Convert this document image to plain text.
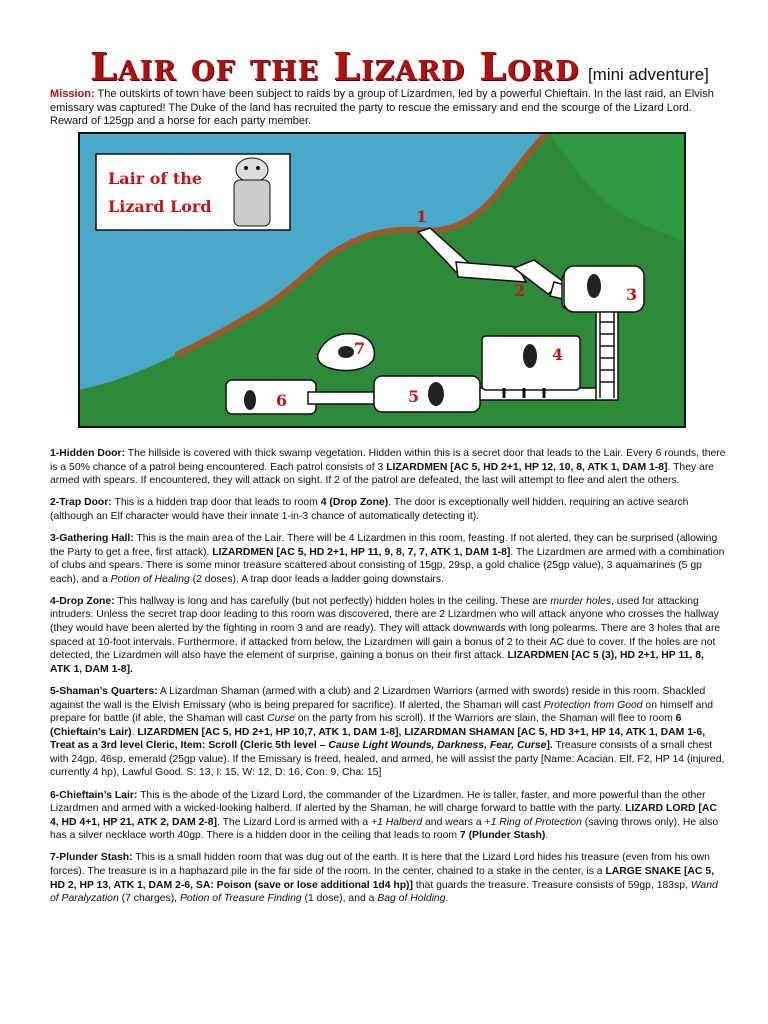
Lair of the Lizard Lord [mini adventure]
Mission: The outskirts of town have been subject to raids by a group of Lizardmen, led by a powerful Chieftain. In the last raid, an Elvish emissary was captured! The Duke of the land has recruited the party to rescue the emissary and end the scourge of the Lizard Lord. Reward of 125gp and a horse for each party member.
1
2	3
4
5
6
7
Lair of the
Lizard Lord

1-Hidden Door: The hillside is covered with thick swamp vegetation. Hidden within this is a secret door that leads to the Lair. Every 6 rounds, there is a 50% chance of a patrol being encountered. Each patrol consists of 3 LIZARDMEN [AC 5, HD 2+1, HP 12, 10, 8, ATK 1, DAM 1-8]. They are armed with spears. If encountered, they will attack on sight. If 2 of the patrol are defeated, the last will attempt to flee and alert the others.

2-Trap Door: This is a hidden trap door that leads to room 4 (Drop Zone). The door is exceptionally well hidden, requiring an active search (although an Elf character would have their innate 1-in-3 chance of automatically detecting it).

3-Gathering Hall: This is the main area of the Lair. There will be 4 Lizardmen in this room, feasting. If not alerted, they can be surprised (allowing the Party to get a free, first attack). LIZARDMEN [AC 5, HD 2+1, HP 11, 9, 8, 7, 7, ATK 1, DAM 1-8]. The Lizardmen are armed with a combination of clubs and spears. There is some minor treasure scattered about consisting of 15gp, 29sp, a gold chalice (25gp value), 3 aquamarines (5 gp each), and a Potion of Healing (2 doses). A trap door leads a ladder going downstairs.

4-Drop Zone: This hallway is long and has carefully (but not perfectly) hidden holes in the ceiling. These are murder holes, used for attacking intruders. Unless the secret trap door leading to this room was discovered, there are 2 Lizardmen who will attack anyone who crosses the hallway (they would have been alerted by the fighting in room 3 and are ready). They will attack downwards with long polearms. There are 3 holes that are spaced at 10-foot intervals. Furthermore, if attacked from below, the Lizardmen will gain a bonus of 2 to their AC due to cover. If the holes are not detected, the Lizardmen will also have the element of surprise, gaining a bonus on their first attack. LIZARDMEN [AC 5 (3), HD 2+1, HP 11, 8, ATK 1, DAM 1-8].

5-Shaman’s Quarters: A Lizardman Shaman (armed with a club) and 2 Lizardmen Warriors (armed with swords) reside in this room. Shackled against the wall is the Elvish Emissary (who is being prepared for sacrifice). If alerted, the Shaman will cast Protection from Good on himself and prepare for battle (if able, the Shaman will cast Curse on the party from his scroll). If the Warriors are slain, the Shaman will flee to room 6 (Chieftain’s Lair). LIZARDMEN [AC 5, HD 2+1, HP 10,7, ATK 1, DAM 1-8], LIZARDMAN SHAMAN [AC 5, HD 3+1, HP 14, ATK 1, DAM 1-6, Treat as a 3rd level Cleric, Item: Scroll (Cleric 5th level – Cause Light Wounds, Darkness, Fear, Curse]. Treasure consists of a small chest with 24gp, 46sp, emerald (25gp value). If the Emissary is freed, healed, and armed, he will assist the party [Name: Acacian. Elf, F2, HP 14 (injured, currently 4 hp), Lawful Good. S: 13, I: 15, W: 12, D: 16, Con: 9, Cha: 15]

6-Chieftain’s Lair: This is the abode of the Lizard Lord, the commander of the Lizardmen. He is taller, faster, and more powerful than the other Lizardmen and armed with a wicked-looking halberd. If alerted by the Shaman, he will charge forward to battle with the party. LIZARD LORD [AC 4, HD 4+1, HP 21, ATK 2, DAM 2-8]. The Lizard Lord is armed with a +1 Halberd and wears a +1 Ring of Protection (saving throws only). He also has a silver necklace worth 40gp. There is a hidden door in the ceiling that leads to room 7 (Plunder Stash).

7-Plunder Stash: This is a small hidden room that was dug out of the earth. It is here that the Lizard Lord hides his treasure (even from his own forces). The treasure is in a haphazard pile in the far side of the room. In the center, chained to a stake in the center, is a LARGE SNAKE [AC 5, HD 2, HP 13, ATK 1, DAM 2-6, SA: Poison (save or lose additional 1d4 hp)] that guards the treasure. Treasure consists of 59gp, 183sp, Wand of Paralyzation (7 charges), Potion of Treasure Finding (1 dose), and a Bag of Holding.
